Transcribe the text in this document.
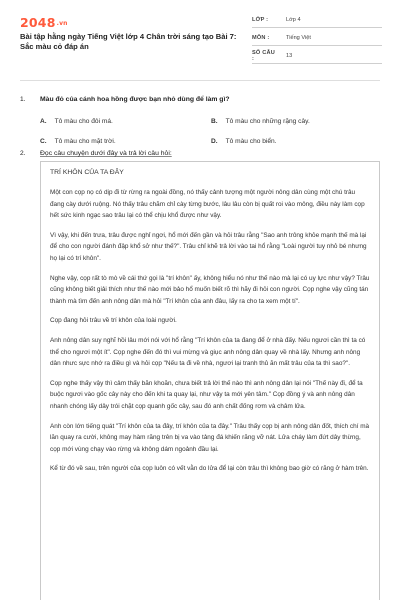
2048.vn
Bài tập hằng ngày Tiếng Việt lớp 4 Chân trời sáng tạo Bài 7: Sắc màu cỏ đáp án
LỚP :	Lớp 4
MÔN :	Tiếng Việt
SỐ CÂU :	13
1. Màu đỏ của cánh hoa hồng được bạn nhỏ dùng để làm gì?
A. Tô màu cho đôi má.	B. Tô màu cho những rặng cây.
C. Tô màu cho mặt trời.	D. Tô màu cho biển.
2. Đọc câu chuyện dưới đây và trả lời câu hỏi:
TRÍ KHÔN CỦA TA ĐÂY

Một con cọp nọ có dịp đi từ rừng ra ngoài đồng, nó thấy cảnh tượng một người nông dân cùng một chú trâu đang cày dưới ruộng. Nó thấy trâu chăm chỉ cày từng bước, lâu lâu còn bị quất roi vào mông, điều này làm cọp hết sức kinh ngạc sao trâu lại có thể chịu khổ được như vậy.

Vì vậy, khi đến trưa, trâu được nghỉ ngơi, hổ mới đến gần và hỏi trâu rằng "Sao anh trông khỏe mạnh thế mà lại để cho con người đánh đập khổ sở như thế?". Trâu chỉ khẽ trả lời vào tai hổ rằng "Loài người tuy nhỏ bé nhưng họ lại có trí khôn".

Nghe vậy, cọp rất tò mò về cái thứ gọi là "trí khôn" ấy, không hiểu nó như thế nào mà lại có uy lực như vậy? Trâu cũng không biết giải thích như thế nào mới bảo hổ muốn biết rõ thì hãy đi hỏi con người. Cọp nghe vậy cũng tán thành mà tìm đến anh nông dân mà hỏi "Trí khôn của anh đâu, lấy ra cho ta xem một tí".

Cọp đang hỏi trâu về trí khôn của loài người.

Anh nông dân suy nghĩ hồi lâu mới nói với hổ rằng "Trí khôn của ta đang để ở nhà đấy. Nếu ngươi cần thì ta có thể cho ngươi một ít". Cọp nghe đến đó thì vui mừng và giục anh nông dân quay về nhà lấy. Nhưng anh nông dân nhưc sực nhớ ra điều gì và hỏi cọp "Nếu ta đi về nhà, ngươi lại tranh thủ ăn mất trâu của ta thì sao?".

Cọp nghe thấy vậy thì cảm thấy băn khoăn, chưa biết trả lời thế nào thì anh nông dân lại nói "Thế này đi, để ta buộc ngươi vào gốc cây này cho đến khi ta quay lại, như vậy ta mới yên tâm." Cọp đồng ý và anh nông dân nhanh chóng lấy dây trói chặt cọp quanh gốc cây, sau đó anh chất đống rơm và châm lửa.

Anh còn lớn tiếng quát "Trí khôn của ta đây, trí khôn của ta đây." Trâu thấy cọp bị anh nông dân đốt, thích chí mà lăn quay ra cười, không may hàm răng trên bị va vào tảng đá khiến răng vỡ nát. Lửa cháy làm đứt dây thừng, cọp mới vùng chạy vào rừng và không dám ngoảnh đầu lại.

Kể từ đó về sau, trên người của cọp luôn có vết vằn do lửa để lại còn trâu thì không bao giờ có răng ở hàm trên.
